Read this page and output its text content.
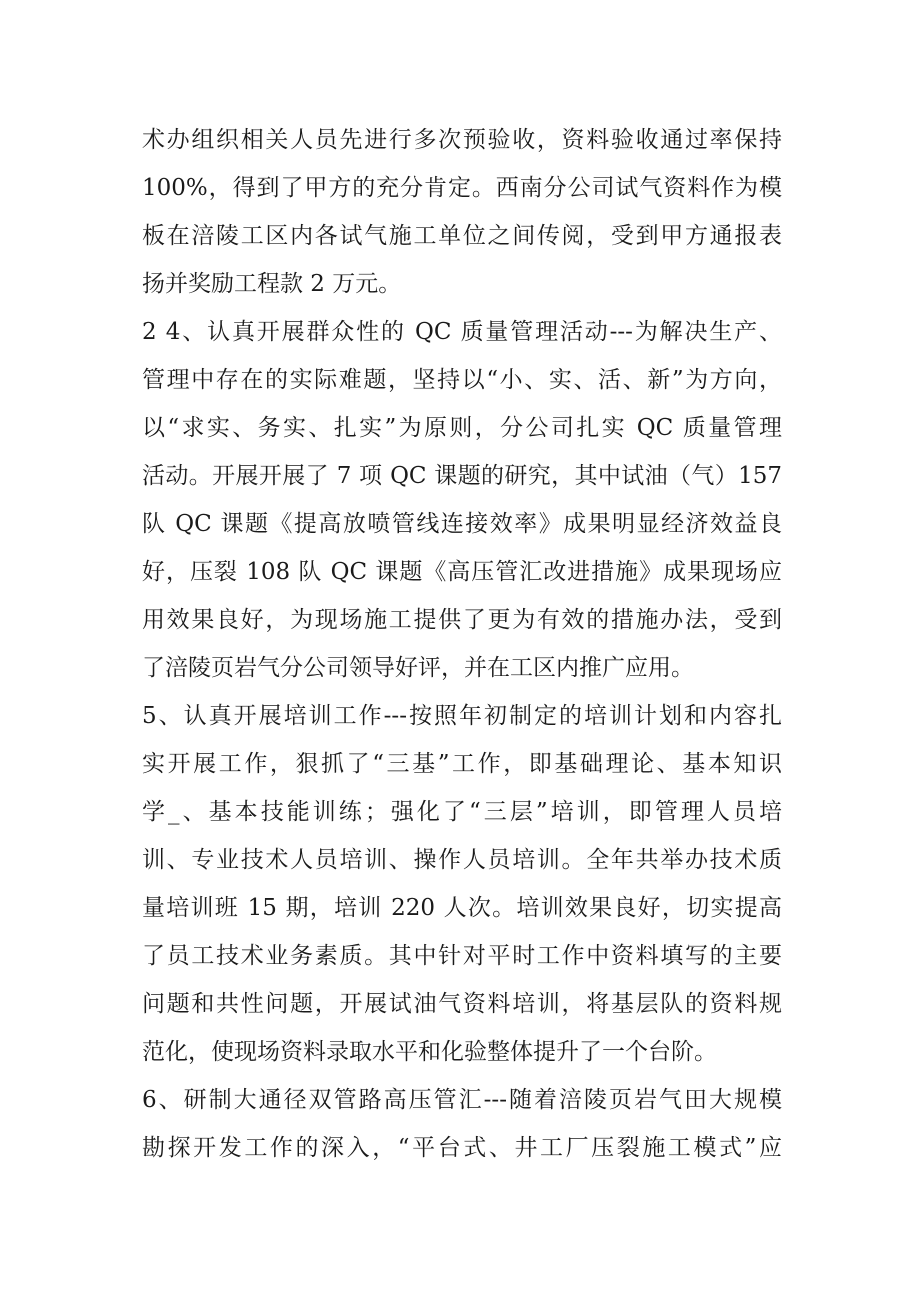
术办组织相关人员先进行多次预验收，资料验收通过率保持
100%，得到了甲方的充分肯定。西南分公司试气资料作为模
板在涪陵工区内各试气施工单位之间传阅，受到甲方通报表
扬并奖励工程款 2 万元。
2 4、认真开展群众性的 QC 质量管理活动---为解决生产、
管理中存在的实际难题，坚持以“小、实、活、新”为方向，
以“求实、务实、扎实”为原则，分公司扎实 QC 质量管理
活动。开展开展了 7 项 QC 课题的研究，其中试油（气）157
队 QC 课题《提高放喷管线连接效率》成果明显经济效益良
好，压裂 108 队 QC 课题《高压管汇改进措施》成果现场应
用效果良好，为现场施工提供了更为有效的措施办法，受到
了涪陵页岩气分公司领导好评，并在工区内推广应用。
5、认真开展培训工作---按照年初制定的培训计划和内容扎
实开展工作，狠抓了“三基”工作，即基础理论、基本知识
学_、基本技能训练；强化了“三层”培训，即管理人员培
训、专业技术人员培训、操作人员培训。全年共举办技术质
量培训班 15 期，培训 220 人次。培训效果良好，切实提高
了员工技术业务素质。其中针对平时工作中资料填写的主要
问题和共性问题，开展试油气资料培训，将基层队的资料规
范化，使现场资料录取水平和化验整体提升了一个台阶。
6、研制大通径双管路高压管汇---随着涪陵页岩气田大规模
勘探开发工作的深入，“平台式、井工厂压裂施工模式”应
